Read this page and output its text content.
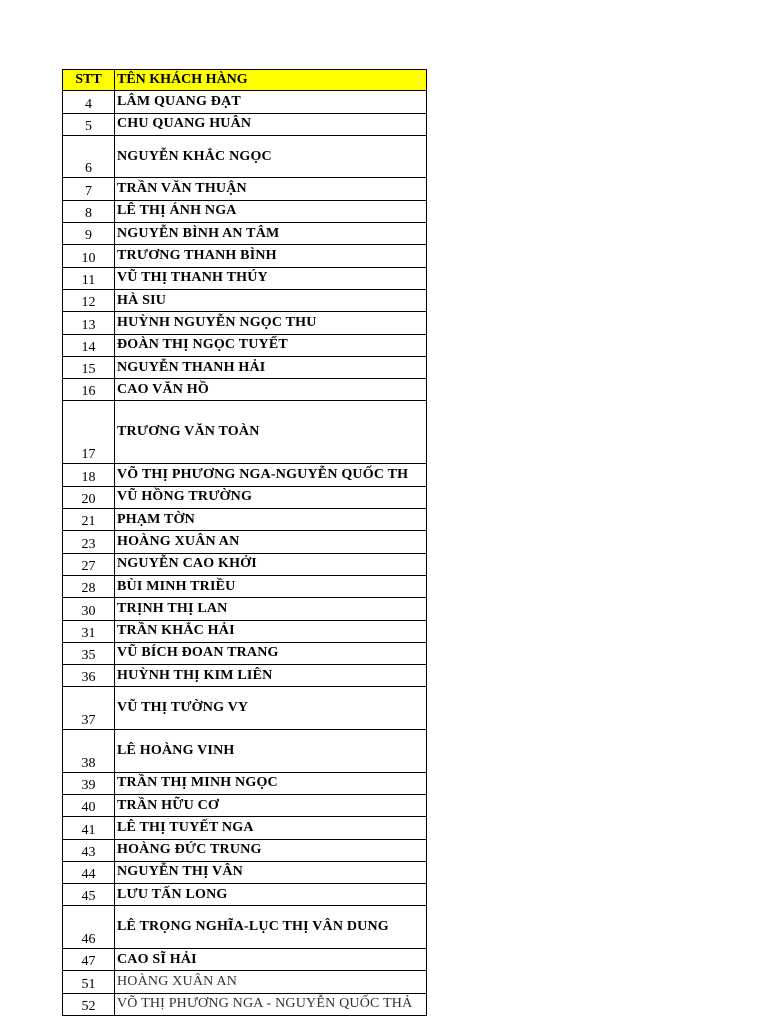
STT	TÊN KHÁCH HÀNG
4	LÂM QUANG ĐẠT
5	CHU QUANG HUÂN
6	NGUYỄN KHẮC NGỌC
7	TRẦN VĂN THUẬN
8	LÊ THỊ ÁNH NGA
9	NGUYỄN BÌNH AN TÂM
10	TRƯƠNG THANH BÌNH
11	VŨ THỊ THANH THÚY
12	HÀ SIU
13	HUỲNH NGUYỄN NGỌC THU
14	ĐOÀN THỊ NGỌC TUYẾT
15	NGUYỄN THANH HẢI
16	CAO VĂN HỒ
17	TRƯƠNG VĂN TOÀN
18	VÕ THỊ PHƯƠNG NGA-NGUYỄN QUỐC TH
20	VŨ HỒNG TRƯỜNG
21	PHẠM TỜN
23	HOÀNG XUÂN AN
27	NGUYỄN CAO KHỞI
28	BÙI MINH TRIỀU
30	TRỊNH THỊ LAN
31	TRẦN KHẮC HẢI
35	VŨ BÍCH ĐOAN TRANG
36	HUỲNH THỊ KIM LIÊN
37	VŨ THỊ TƯỜNG VY
38	LÊ HOÀNG VINH
39	TRẦN THỊ MINH NGỌC
40	TRẦN HỮU CƠ
41	LÊ THỊ TUYẾT NGA
43	HOÀNG ĐỨC TRUNG
44	NGUYỄN THỊ VÂN
45	LƯU TẤN LONG
46	LÊ TRỌNG NGHĨA-LỤC THỊ VÂN DUNG
47	CAO SĨ HẢI
51	HOÀNG XUÂN AN
52	VÕ THỊ PHƯƠNG NGA - NGUYỄN QUỐC THẢ
